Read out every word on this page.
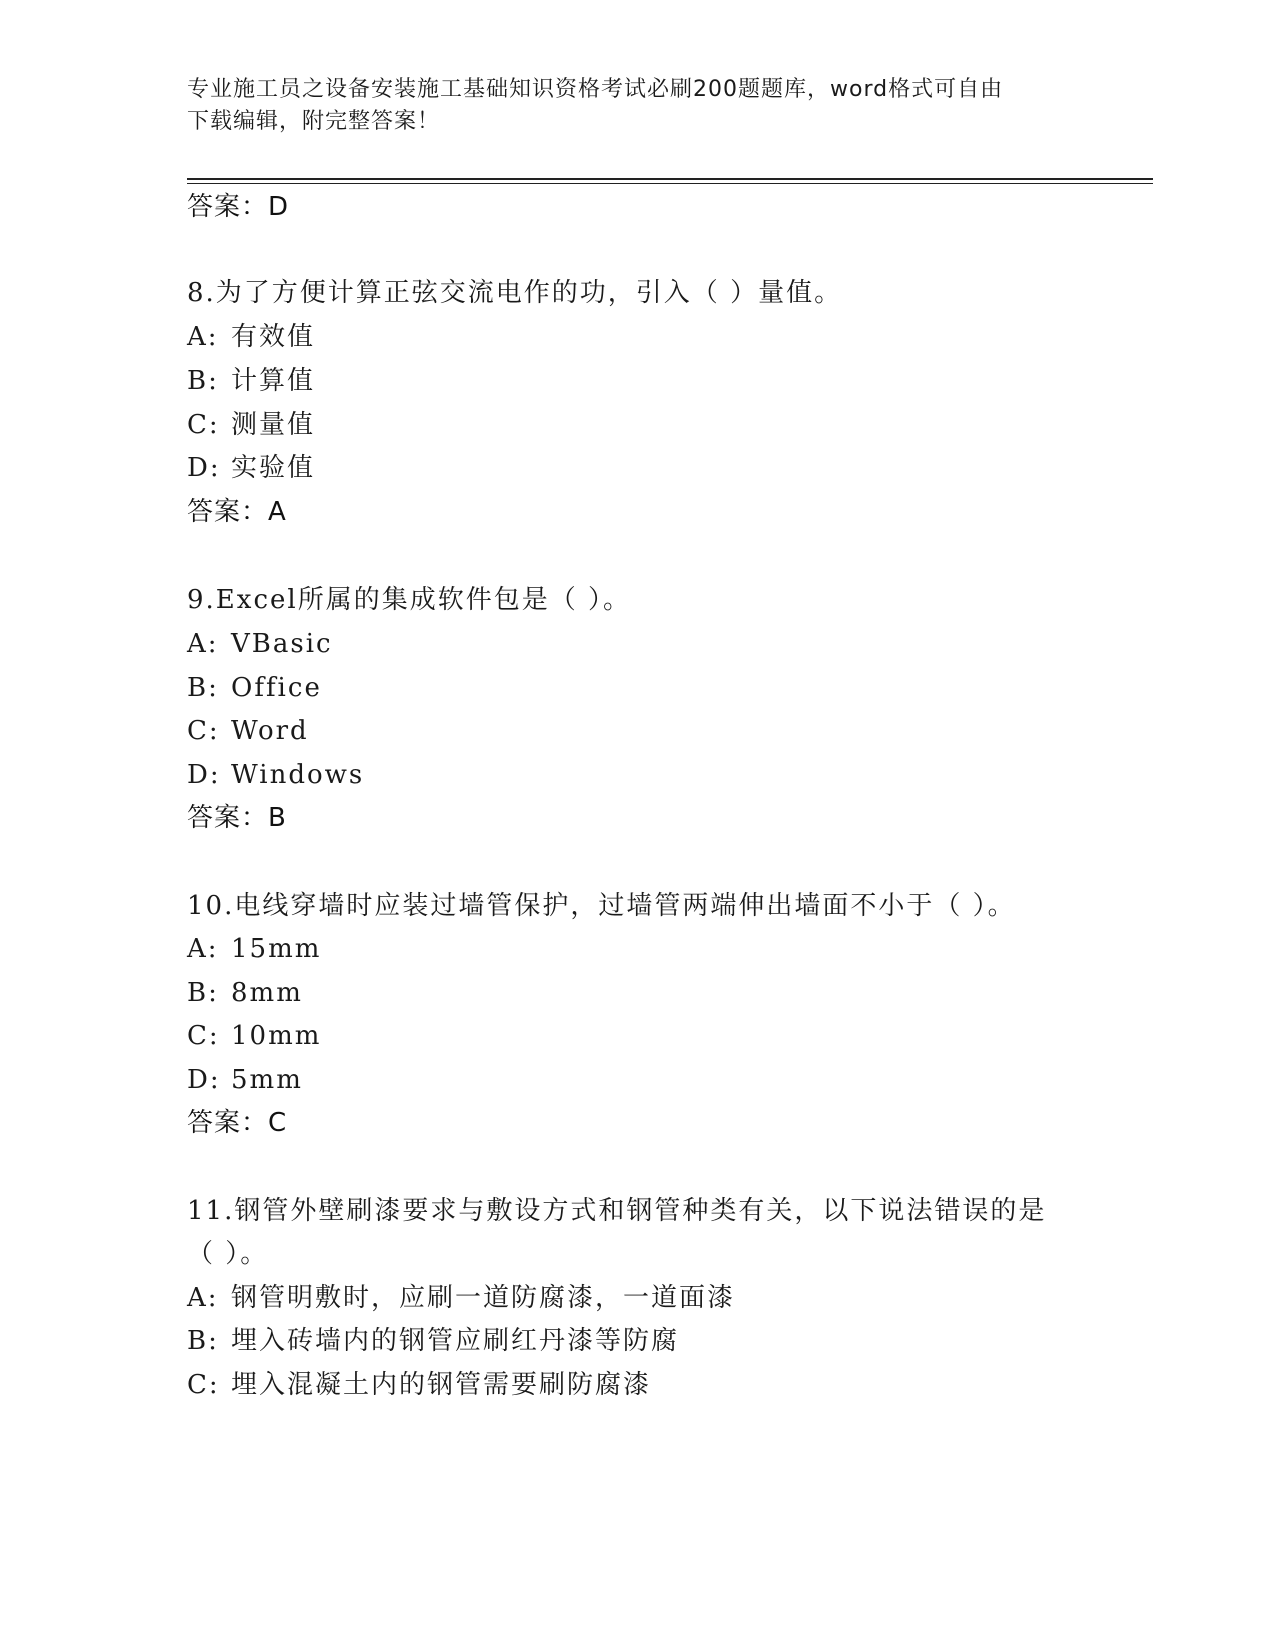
专业施工员之设备安装施工基础知识资格考试必刷200题题库，word格式可自由
下载编辑，附完整答案！
答案：D
8.为了方便计算正弦交流电作的功，引入（ ）量值。
A: 有效值
B: 计算值
C: 测量值
D: 实验值
答案：A
9.Excel所属的集成软件包是（ ）。
A: VBasic
B: Office
C: Word
D: Windows
答案：B
10.电线穿墙时应装过墙管保护，过墙管两端伸出墙面不小于（ ）。
A: 15mm
B: 8mm
C: 10mm
D: 5mm
答案：C
11.钢管外壁刷漆要求与敷设方式和钢管种类有关，以下说法错误的是
（ ）。
A: 钢管明敷时，应刷一道防腐漆，一道面漆
B: 埋入砖墙内的钢管应刷红丹漆等防腐
C: 埋入混凝土内的钢管需要刷防腐漆
